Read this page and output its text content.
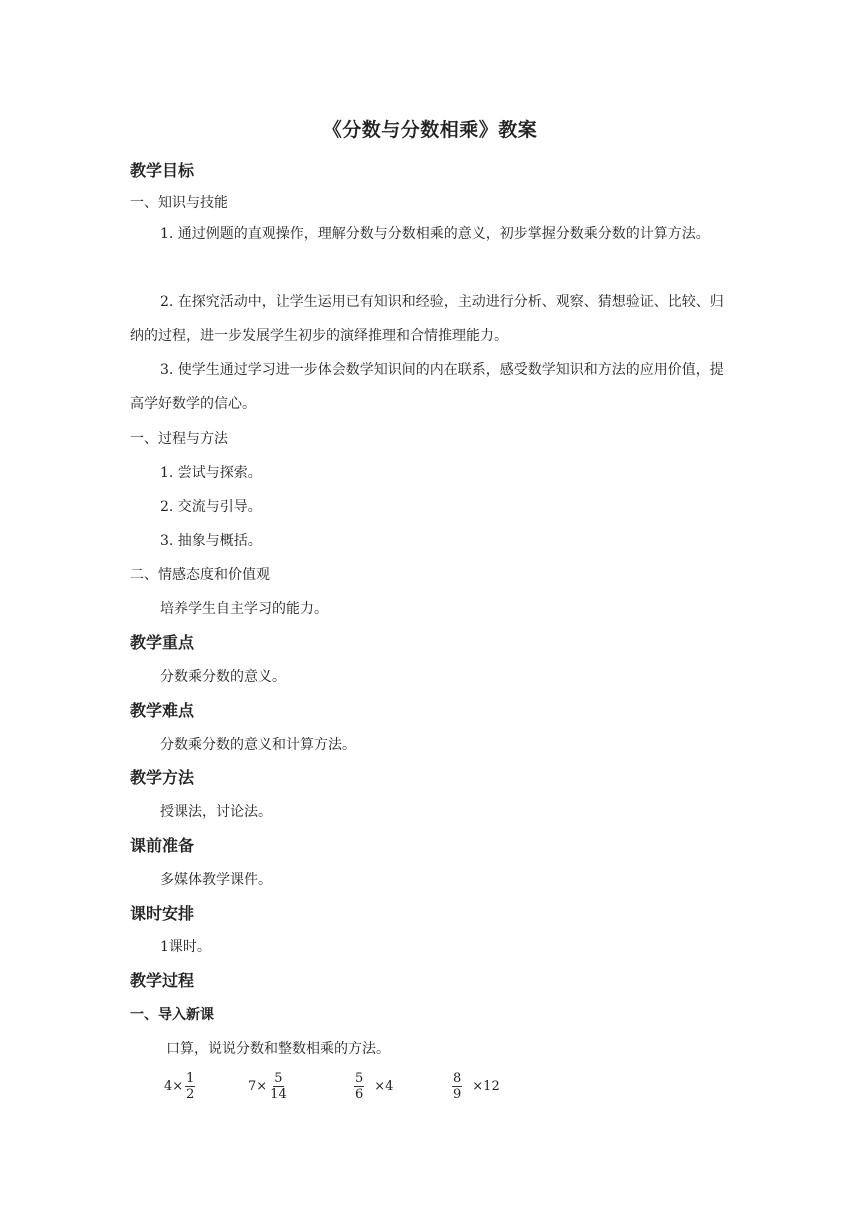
《分数与分数相乘》教案
教学目标
一、知识与技能
1. 通过例题的直观操作，理解分数与分数相乘的意义，初步掌握分数乘分数的计算方法。
2. 在探究活动中，让学生运用已有知识和经验，主动进行分析、观察、猜想验证、比较、归纳的过程，进一步发展学生初步的演绎推理和合情推理能力。
3. 使学生通过学习进一步体会数学知识间的内在联系，感受数学知识和方法的应用价值，提高学好数学的信心。
一、过程与方法
1. 尝试与探索。
2. 交流与引导。
3. 抽象与概括。
二、情感态度和价值观
培养学生自主学习的能力。
教学重点
分数乘分数的意义。
教学难点
分数乘分数的意义和计算方法。
教学方法
授课法，讨论法。
课前准备
多媒体教学课件。
课时安排
1课时。
教学过程
一、导入新课
口算，说说分数和整数相乘的方法。
$4\times \frac{1}{2}$	$7\times \frac{5}{14}$	$\frac{5}{6} \times 4$	$\frac{8}{9} \times 12$
